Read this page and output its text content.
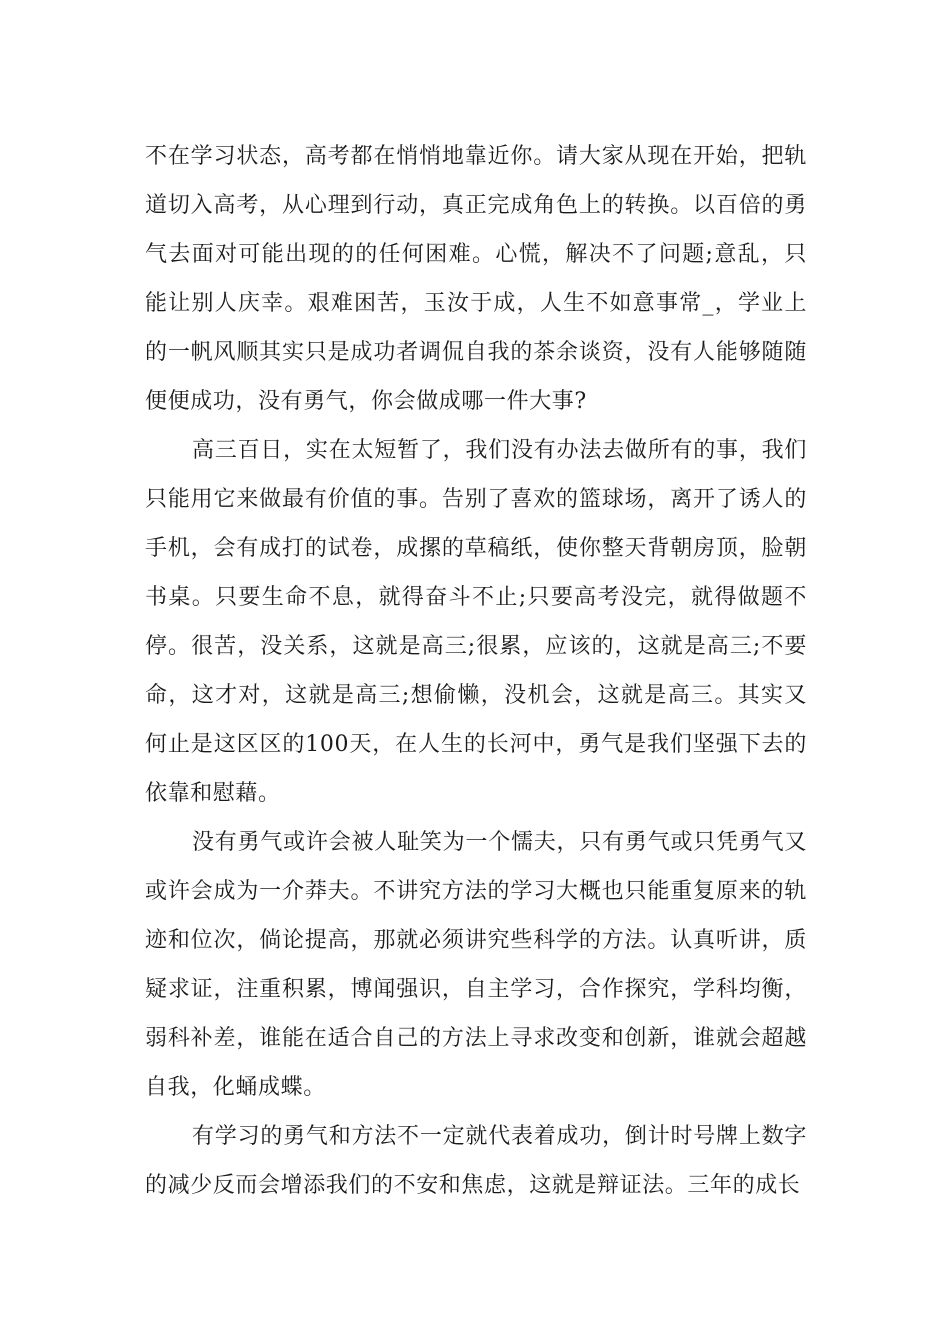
不在学习状态，高考都在悄悄地靠近你。请大家从现在开始，把轨道切入高考，从心理到行动，真正完成角色上的转换。以百倍的勇气去面对可能出现的的任何困难。心慌，解决不了问题;意乱，只能让别人庆幸。艰难困苦，玉汝于成，人生不如意事常_，学业上的一帆风顺其实只是成功者调侃自我的茶余谈资，没有人能够随随便便成功，没有勇气，你会做成哪一件大事?

高三百日，实在太短暂了，我们没有办法去做所有的事，我们只能用它来做最有价值的事。告别了喜欢的篮球场，离开了诱人的手机，会有成打的试卷，成摞的草稿纸，使你整天背朝房顶，脸朝书桌。只要生命不息，就得奋斗不止;只要高考没完，就得做题不停。很苦，没关系，这就是高三;很累，应该的，这就是高三;不要命，这才对，这就是高三;想偷懒，没机会，这就是高三。其实又何止是这区区的100天，在人生的长河中，勇气是我们坚强下去的依靠和慰藉。

没有勇气或许会被人耻笑为一个懦夫，只有勇气或只凭勇气又或许会成为一介莽夫。不讲究方法的学习大概也只能重复原来的轨迹和位次，倘论提高，那就必须讲究些科学的方法。认真听讲，质疑求证，注重积累，博闻强识，自主学习，合作探究，学科均衡，弱科补差，谁能在适合自己的方法上寻求改变和创新，谁就会超越自我，化蛹成蝶。

有学习的勇气和方法不一定就代表着成功，倒计时号牌上数字的减少反而会增添我们的不安和焦虑，这就是辩证法。三年的成长
